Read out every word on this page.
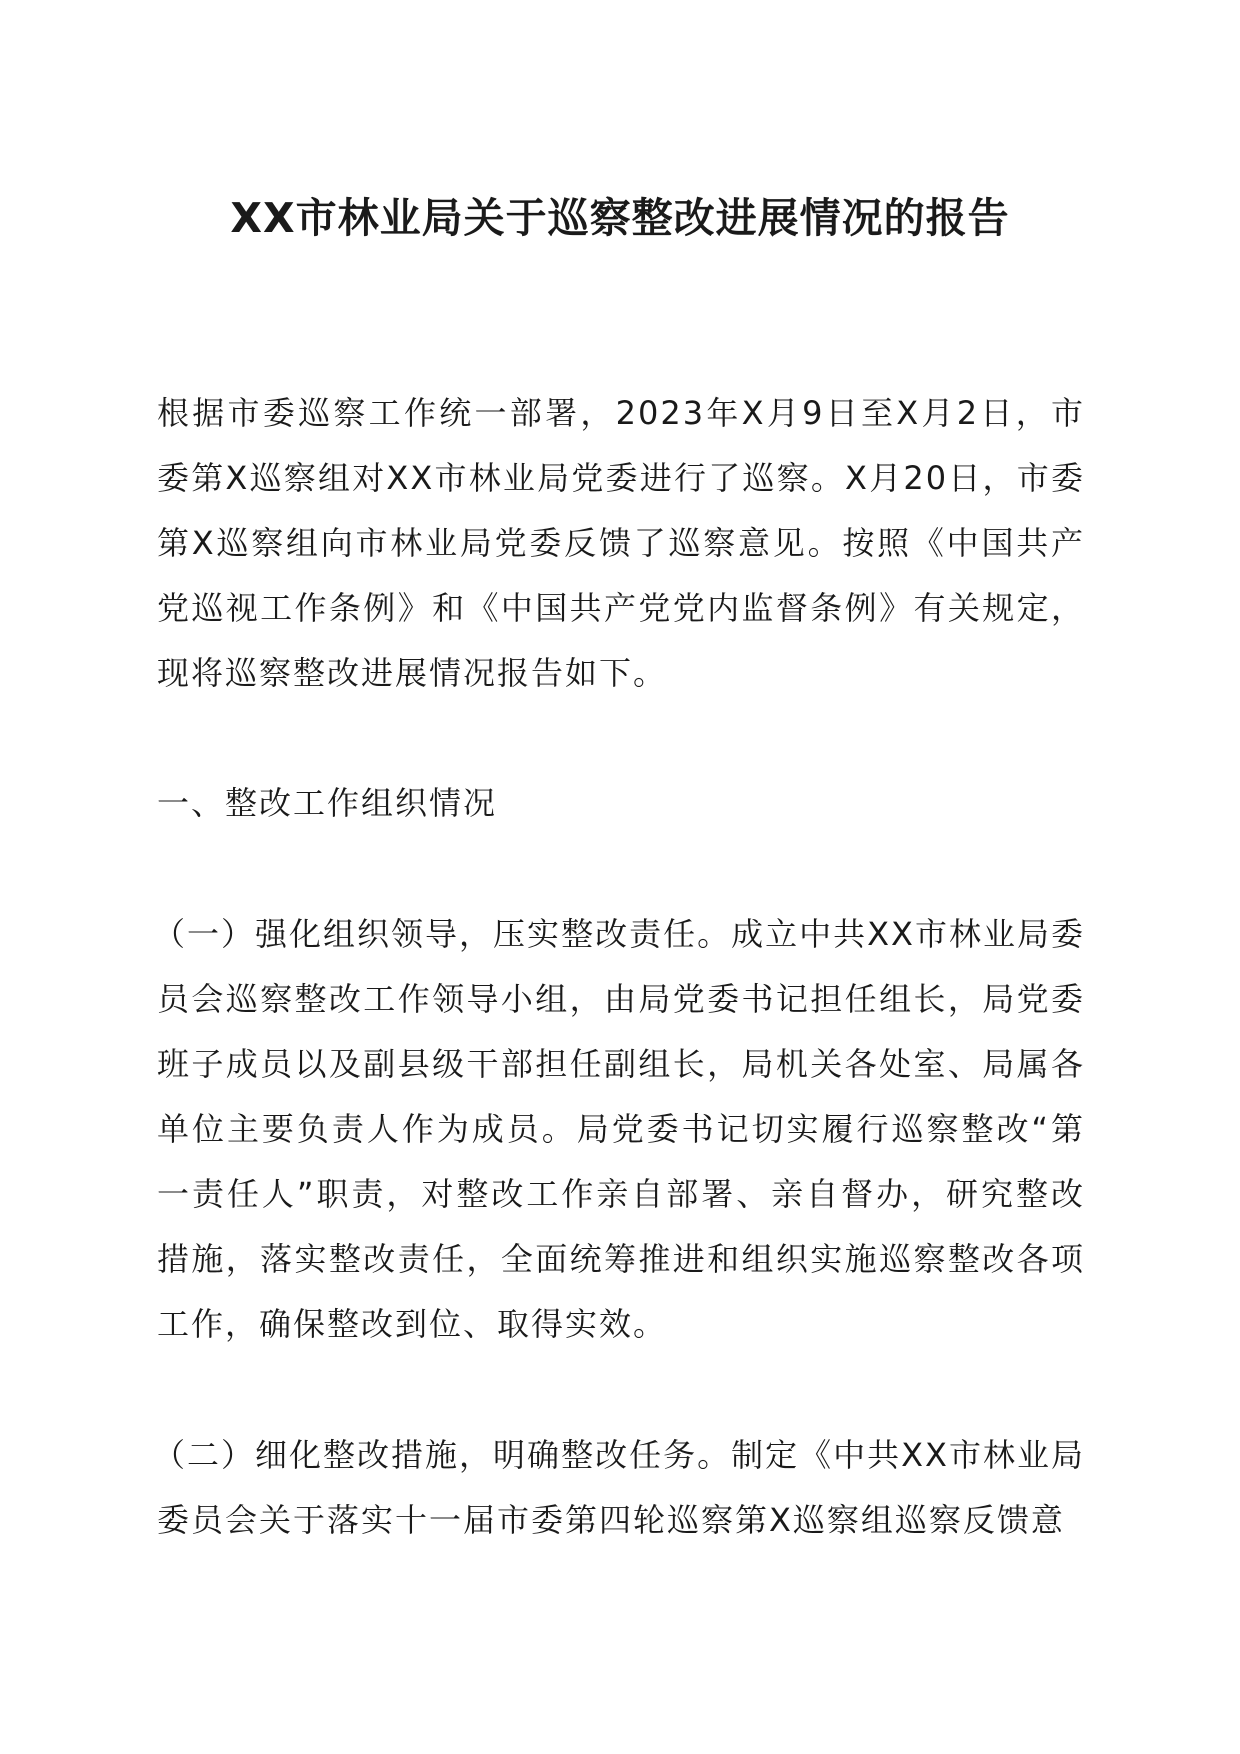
XX市林业局关于巡察整改进展情况的报告

根据市委巡察工作统一部署，2023年X月9日至X月2日，市委第X巡察组对XX市林业局党委进行了巡察。X月20日，市委第X巡察组向市林业局党委反馈了巡察意见。按照《中国共产党巡视工作条例》和《中国共产党党内监督条例》有关规定，现将巡察整改进展情况报告如下。

一、整改工作组织情况

（一）强化组织领导，压实整改责任。成立中共XX市林业局委员会巡察整改工作领导小组，由局党委书记担任组长，局党委班子成员以及副县级干部担任副组长，局机关各处室、局属各单位主要负责人作为成员。局党委书记切实履行巡察整改“第一责任人”职责，对整改工作亲自部署、亲自督办，研究整改措施，落实整改责任，全面统筹推进和组织实施巡察整改各项工作，确保整改到位、取得实效。

（二）细化整改措施，明确整改任务。制定《中共XX市林业局委员会关于落实十一届市委第四轮巡察第X巡察组巡察反馈意
